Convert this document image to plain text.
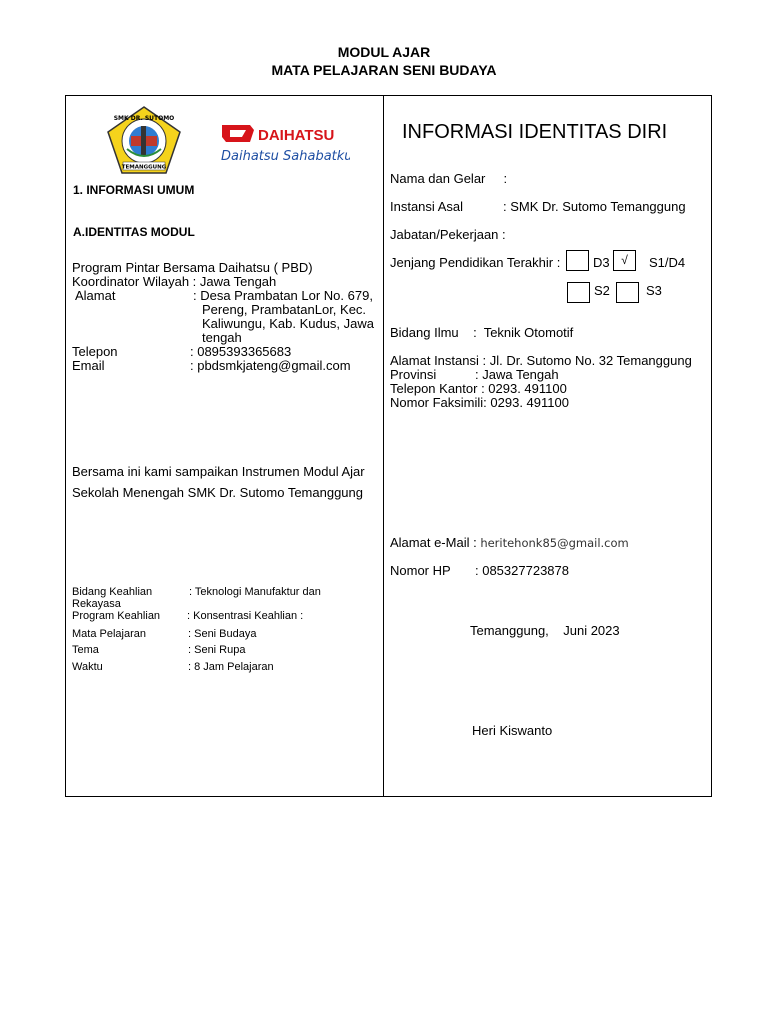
MODUL AJAR
MATA PELAJARAN SENI BUDAYA
SMK DR. SUTOMO
TEMANGGUNG
DAIHATSU
Daihatsu Sahabatku
1. INFORMASI UMUM
A.IDENTITAS MODUL
Program Pintar Bersama Daihatsu ( PBD)
Koordinator Wilayah : Jawa Tengah
Alamat	: Desa Prambatan Lor No. 679,
Pereng, PrambatanLor, Kec.
Kaliwungu, Kab. Kudus, Jawa
tengah
Telepon	: 0895393365683
Email	: pbdsmkjateng@gmail.com
Bersama ini kami sampaikan Instrumen Modul Ajar
Sekolah Menengah SMK Dr. Sutomo Temanggung
Bidang Keahlian	: Teknologi Manufaktur dan
Rekayasa
Program Keahlian : Konsentrasi Keahlian :
Mata Pelajaran	: Seni Budaya
Tema	: Seni Rupa
Waktu	: 8 Jam Pelajaran
INFORMASI IDENTITAS DIRI
Nama dan Gelar     :
Instansi Asal	: SMK Dr. Sutomo Temanggung
Jabatan/Pekerjaan :
Jenjang Pendidikan Terakhir :	D3 √	S1/D4
S2	S3
Bidang Ilmu    :  Teknik Otomotif
Alamat Instansi : Jl. Dr. Sutomo No. 32 Temanggung
Provinsi	: Jawa Tengah
Telepon Kantor : 0293. 491100
Nomor Faksimili: 0293. 491100
Alamat e-Mail : heritehonk85@gmail.com
Nomor HP : 085327723878
Temanggung,    Juni 2023
Heri Kiswanto
